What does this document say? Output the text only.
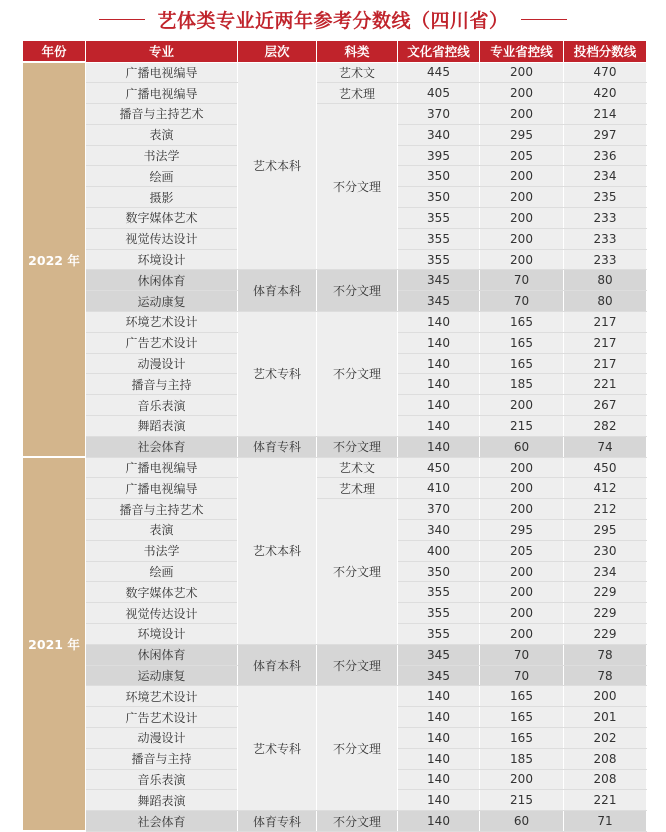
艺体类专业近两年参考分数线（四川省）
年份	专业	层次	科类	文化省控线	专业省控线	投档分数线
2022 年	广播电视编导	艺术本科	艺术文	445	200	470
	广播电视编导		艺术理	405	200	420
	播音与主持艺术		不分文理	370	200	214
	表演			340	295	297
	书法学			395	205	236
	绘画			350	200	234
	摄影			350	200	235
	数字媒体艺术			355	200	233
	视觉传达设计			355	200	233
	环境设计			355	200	233
	休闲体育	体育本科	不分文理	345	70	80
	运动康复			345	70	80
	环境艺术设计	艺术专科	不分文理	140	165	217
	广告艺术设计			140	165	217
	动漫设计			140	165	217
	播音与主持			140	185	221
	音乐表演			140	200	267
	舞蹈表演			140	215	282
	社会体育	体育专科	不分文理	140	60	74
2021 年	广播电视编导	艺术本科	艺术文	450	200	450
	广播电视编导		艺术理	410	200	412
	播音与主持艺术		不分文理	370	200	212
	表演			340	295	295
	书法学			400	205	230
	绘画			350	200	234
	数字媒体艺术			355	200	229
	视觉传达设计			355	200	229
	环境设计			355	200	229
	休闲体育	体育本科	不分文理	345	70	78
	运动康复			345	70	78
	环境艺术设计	艺术专科	不分文理	140	165	200
	广告艺术设计			140	165	201
	动漫设计			140	165	202
	播音与主持			140	185	208
	音乐表演			140	200	208
	舞蹈表演			140	215	221
	社会体育	体育专科	不分文理	140	60	71
